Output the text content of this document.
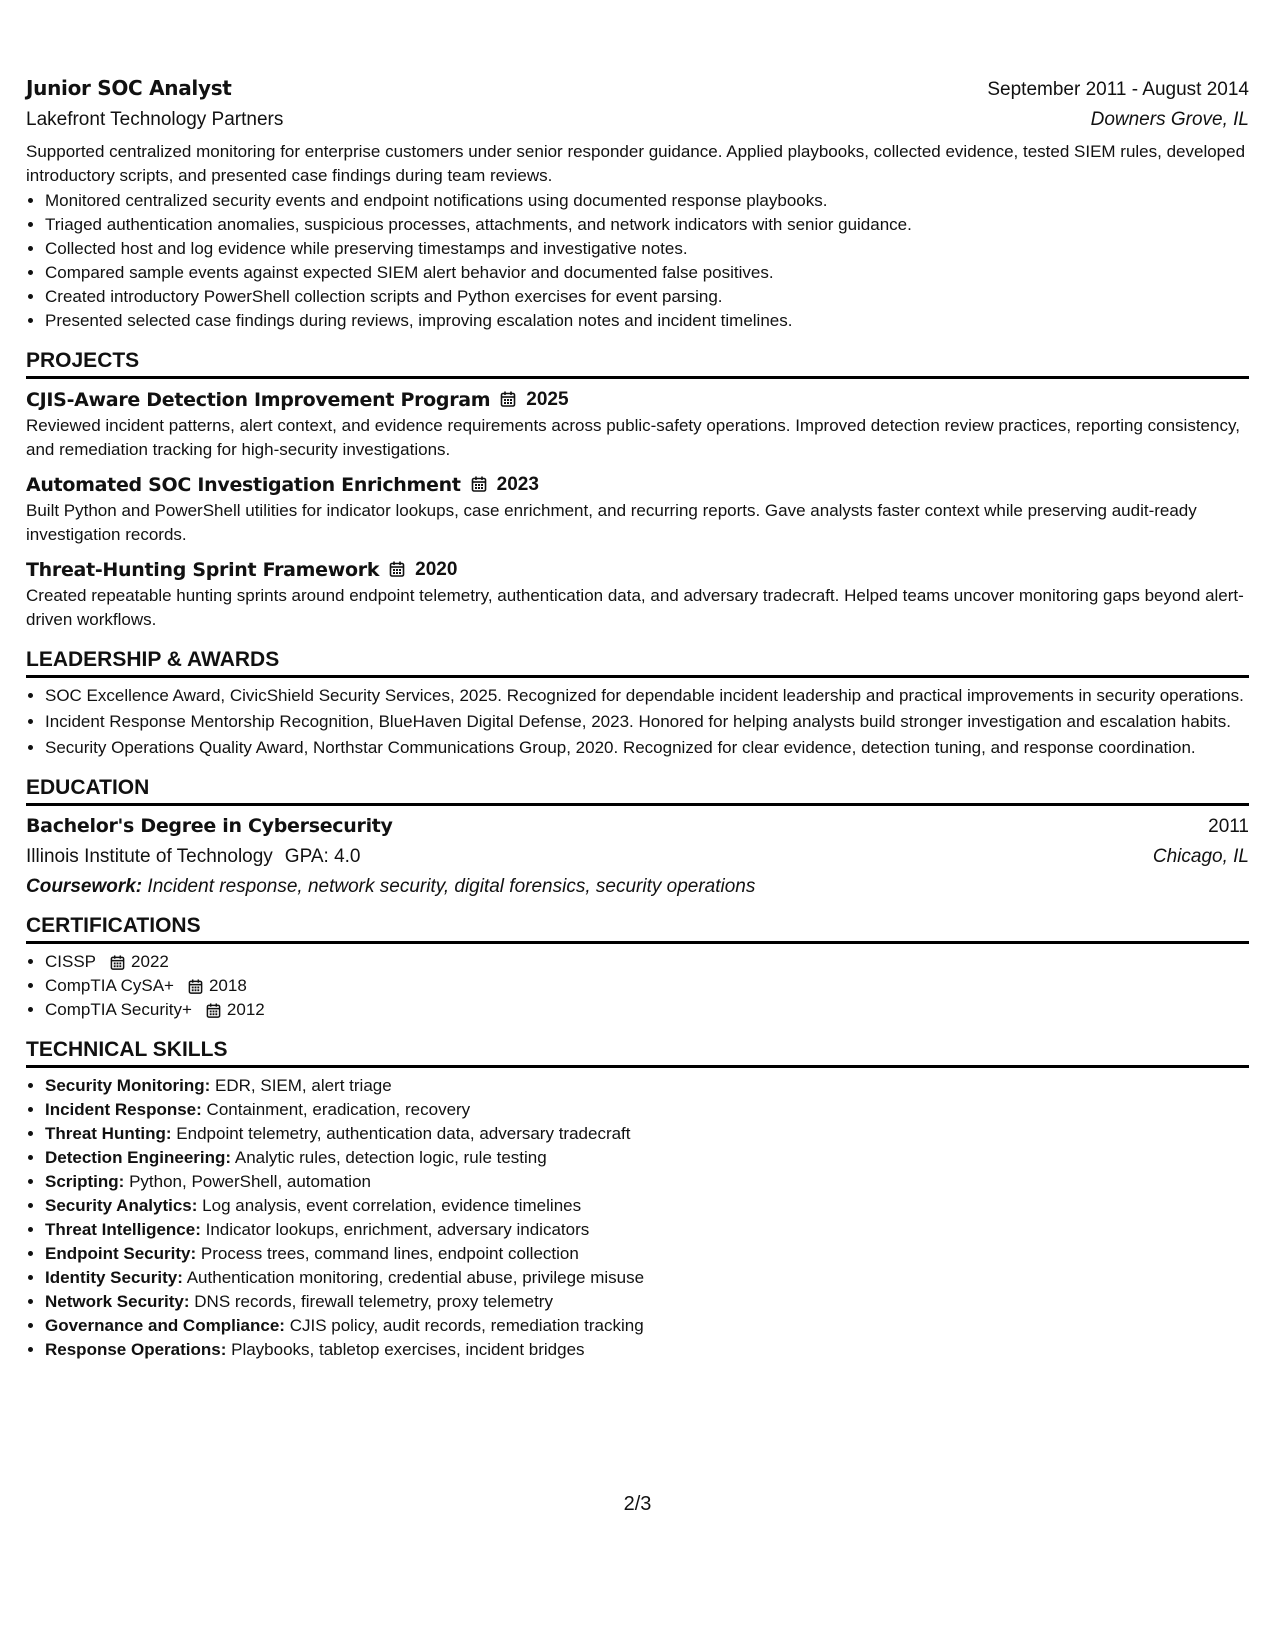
Junior SOC Analyst	September 2011 - August 2014
Lakefront Technology Partners	Downers Grove, IL

Supported centralized monitoring for enterprise customers under senior responder guidance. Applied playbooks, collected evidence, tested SIEM rules, developed introductory scripts, and presented case findings during team reviews.

• Monitored centralized security events and endpoint notifications using documented response playbooks.
• Triaged authentication anomalies, suspicious processes, attachments, and network indicators with senior guidance.
• Collected host and log evidence while preserving timestamps and investigative notes.
• Compared sample events against expected SIEM alert behavior and documented false positives.
• Created introductory PowerShell collection scripts and Python exercises for event parsing.
• Presented selected case findings during reviews, improving escalation notes and incident timelines.
PROJECTS
CJIS-Aware Detection Improvement Program 2025

Reviewed incident patterns, alert context, and evidence requirements across public-safety operations. Improved detection review practices, reporting consistency, and remediation tracking for high-security investigations.

Automated SOC Investigation Enrichment 2023

Built Python and PowerShell utilities for indicator lookups, case enrichment, and recurring reports. Gave analysts faster context while preserving audit-ready investigation records.

Threat-Hunting Sprint Framework 2020

Created repeatable hunting sprints around endpoint telemetry, authentication data, and adversary tradecraft. Helped teams uncover monitoring gaps beyond alert-driven workflows.

LEADERSHIP & AWARDS
• SOC Excellence Award, CivicShield Security Services, 2025. Recognized for dependable incident leadership and practical improvements in security operations.
• Incident Response Mentorship Recognition, BlueHaven Digital Defense, 2023. Honored for helping analysts build stronger investigation and escalation habits.
• Security Operations Quality Award, Northstar Communications Group, 2020. Recognized for clear evidence, detection tuning, and response coordination.
EDUCATION
Bachelor's Degree in Cybersecurity	2011
Illinois Institute of Technology GPA: 4.0	Chicago, IL
Coursework: Incident response, network security, digital forensics, security operations
CERTIFICATIONS
• CISSP 2022
• CompTIA CySA+ 2018
• CompTIA Security+ 2012
TECHNICAL SKILLS
• Security Monitoring: EDR, SIEM, alert triage
• Incident Response: Containment, eradication, recovery
• Threat Hunting: Endpoint telemetry, authentication data, adversary tradecraft
• Detection Engineering: Analytic rules, detection logic, rule testing
• Scripting: Python, PowerShell, automation
• Security Analytics: Log analysis, event correlation, evidence timelines
• Threat Intelligence: Indicator lookups, enrichment, adversary indicators
• Endpoint Security: Process trees, command lines, endpoint collection
• Identity Security: Authentication monitoring, credential abuse, privilege misuse
• Network Security: DNS records, firewall telemetry, proxy telemetry
• Governance and Compliance: CJIS policy, audit records, remediation tracking
• Response Operations: Playbooks, tabletop exercises, incident bridges
2/3
